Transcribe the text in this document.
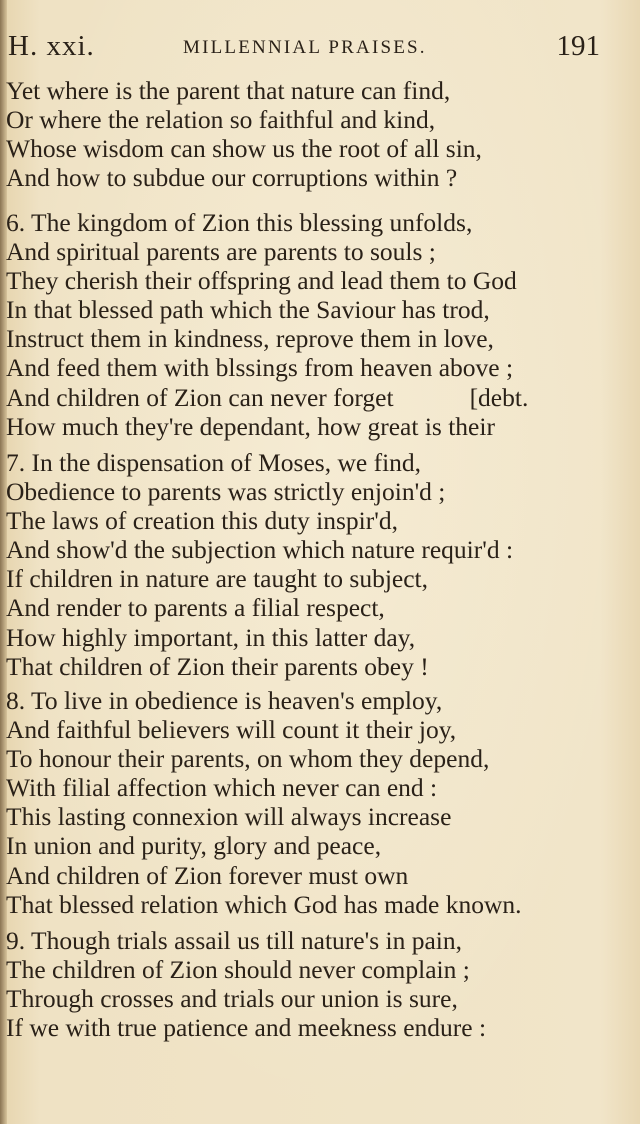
H. xxi.	MILLENNIAL PRAISES.	191
Yet where is the parent that nature can find,
Or where the relation so faithful and kind,
Whose wisdom can show us the root of all sin,
And how to subdue our corruptions within ?
6. The kingdom of Zion this blessing unfolds,
And spiritual parents are parents to souls ;
They cherish their offspring and lead them to God
In that blessed path which the Saviour has trod,
Instruct them in kindness, reprove them in love,
And feed them with blssings from heaven above ;
And children of Zion can never forget	[debt.
How much they're dependant, how great is their
7. In the dispensation of Moses, we find,
Obedience to parents was strictly enjoin'd ;
The laws of creation this duty inspir'd,
And show'd the subjection which nature requir'd :
If children in nature are taught to subject,
And render to parents a filial respect,
How highly important, in this latter day,
That children of Zion their parents obey !
8. To live in obedience is heaven's employ,
And faithful believers will count it their joy,
To honour their parents, on whom they depend,
With filial affection which never can end :
This lasting connexion will always increase
In union and purity, glory and peace,
And children of Zion forever must own
That blessed relation which God has made known.
9. Though trials assail us till nature's in pain,
The children of Zion should never complain ;
Through crosses and trials our union is sure,
If we with true patience and meekness endure :
